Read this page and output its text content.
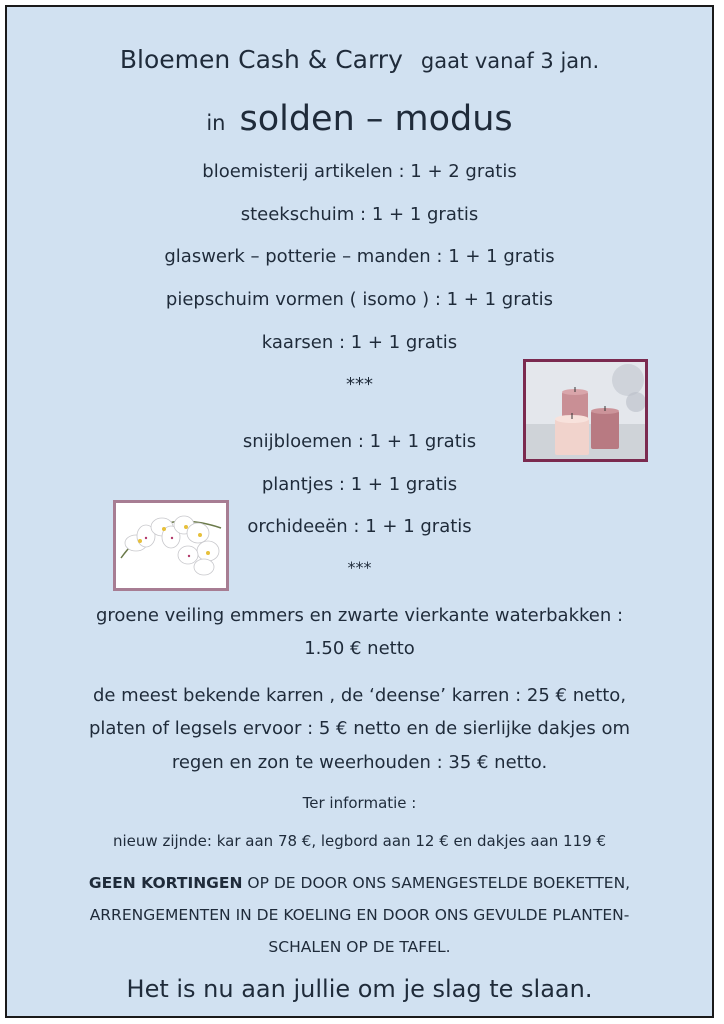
Bloemen Cash & Carry gaat vanaf 3 jan.
in solden – modus
bloemisterij artikelen : 1 + 2 gratis
steekschuim : 1 + 1 gratis
glaswerk – potterie – manden : 1 + 1 gratis
piepschuim vormen ( isomo ) : 1 + 1 gratis
kaarsen : 1 + 1 gratis
***
snijbloemen : 1 + 1 gratis
plantjes : 1 + 1 gratis
orchideeën : 1 + 1 gratis
***
groene veiling emmers en zwarte vierkante waterbakken :
1.50 € netto
de meest bekende karren , de ‘deense’ karren : 25 € netto,
platen of legsels ervoor : 5 € netto en de sierlijke dakjes om
regen en zon te weerhouden : 35 € netto.
Ter informatie :
nieuw zijnde: kar aan 78 €, legbord aan 12 € en dakjes aan 119 €
GEEN KORTINGEN OP DE DOOR ONS SAMENGESTELDE BOEKETTEN,
ARRENGEMENTEN IN DE KOELING EN DOOR ONS GEVULDE PLANTEN-
SCHALEN OP DE TAFEL.
Het is nu aan jullie om je slag te slaan.
